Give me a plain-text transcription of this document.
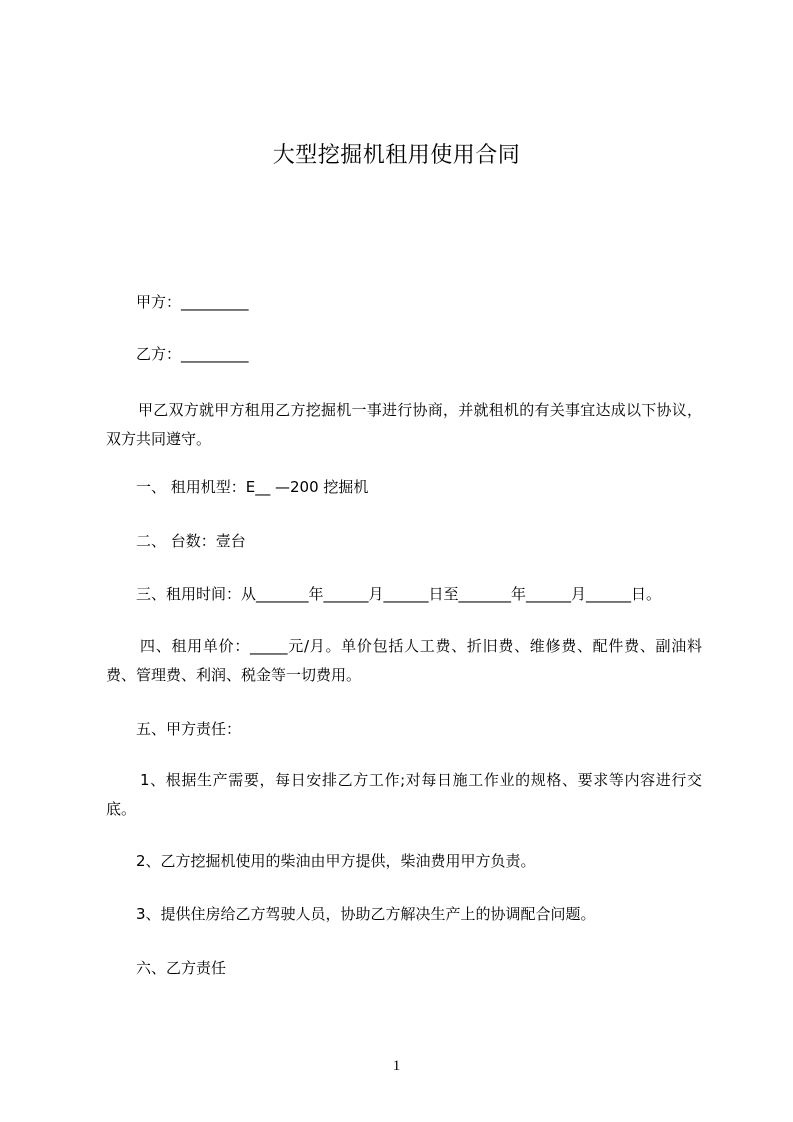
大型挖掘机租用使用合同
甲方：_________
乙方：_________
甲乙双方就甲方租用乙方挖掘机一事进行协商，并就租机的有关事宜达成以下协议，双方共同遵守。
一、 租用机型：E__ —200 挖掘机
二、 台数：壹台
三、租用时间：从_______年______月______日至_______年______月______日。
四、租用单价：_____元/月。单价包括人工费、折旧费、维修费、配件费、副油料费、管理费、利润、税金等一切费用。
五、甲方责任：
1、根据生产需要，每日安排乙方工作;对每日施工作业的规格、要求等内容进行交底。
2、乙方挖掘机使用的柴油由甲方提供，柴油费用甲方负责。
3、提供住房给乙方驾驶人员，协助乙方解决生产上的协调配合问题。
六、乙方责任
1
